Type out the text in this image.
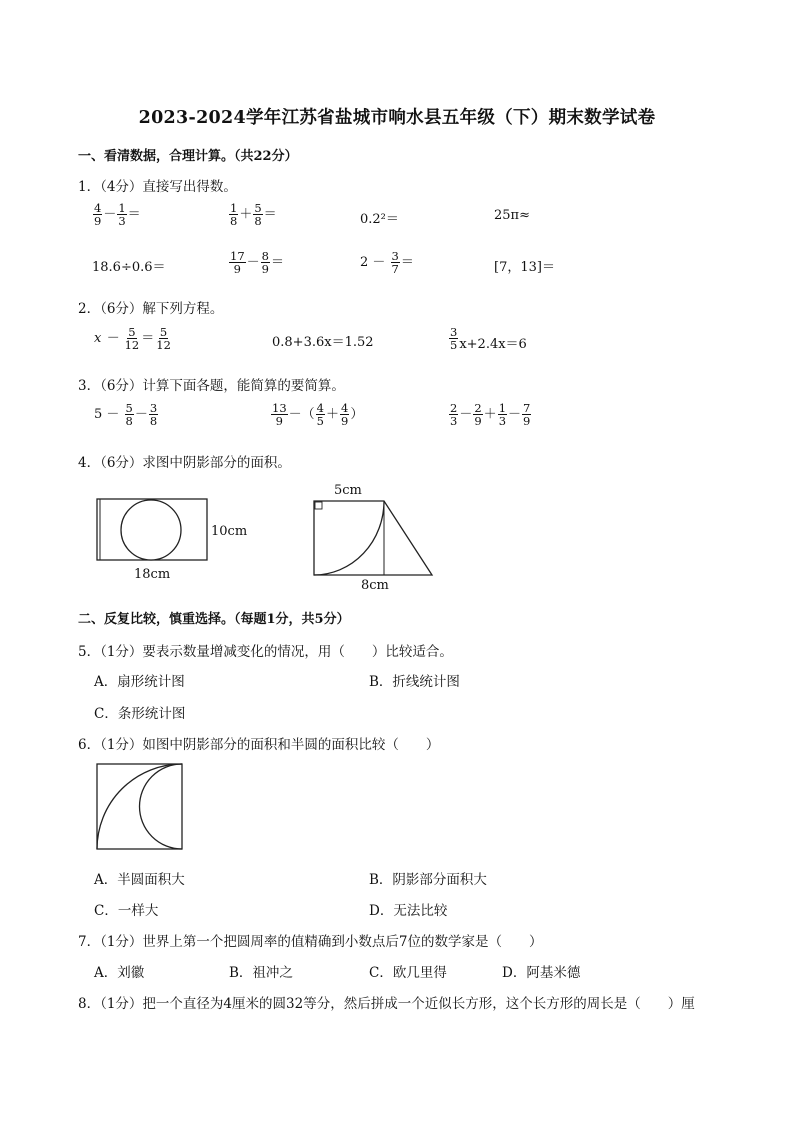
2023-2024学年江苏省盐城市响水县五年级（下）期末数学试卷
一、看清数据，合理计算。（共22分）
1．（4分）直接写出得数。
$\frac{4}{9} - \frac{1}{3}$ ＝	$\frac{1}{8} + \frac{5}{8}$ ＝	0.2²＝	25π≈
18.6÷0.6＝	$\frac{17}{9} - \frac{8}{9}$ ＝	$2 - \frac{3}{7}$ ＝	[7，13]＝
2．（6分）解下列方程。
$x - \frac{5}{12} = \frac{5}{12}$	0.8+3.6x＝1.52	$\frac{3}{5} x+2.4x=6$
3．（6分）计算下面各题，能简算的要简算。
$5 - \frac{5}{8} - \frac{3}{8}$	$\frac{13}{9}$ －（ $\frac{4}{5} + \frac{4}{9}$ ）	$\frac{2}{3} - \frac{2}{9} + \frac{1}{3} - \frac{7}{9}$
4．（6分）求图中阴影部分的面积。
10cm
18cm
5cm
8cm
二、反复比较，慎重选择。（每题1分，共5分）
5．（1分）要表示数量增减变化的情况，用（　　）比较适合。
A．扇形统计图	B．折线统计图
C．条形统计图
6．（1分）如图中阴影部分的面积和半圆的面积比较（　　）
A．半圆面积大	B．阴影部分面积大
C．一样大	D．无法比较
7．（1分）世界上第一个把圆周率的值精确到小数点后7位的数学家是（　　）
A．刘徽	B．祖冲之	C．欧几里得	D．阿基米德
8．（1分）把一个直径为4厘米的圆32等分，然后拼成一个近似长方形，这个长方形的周长是（　　）厘
